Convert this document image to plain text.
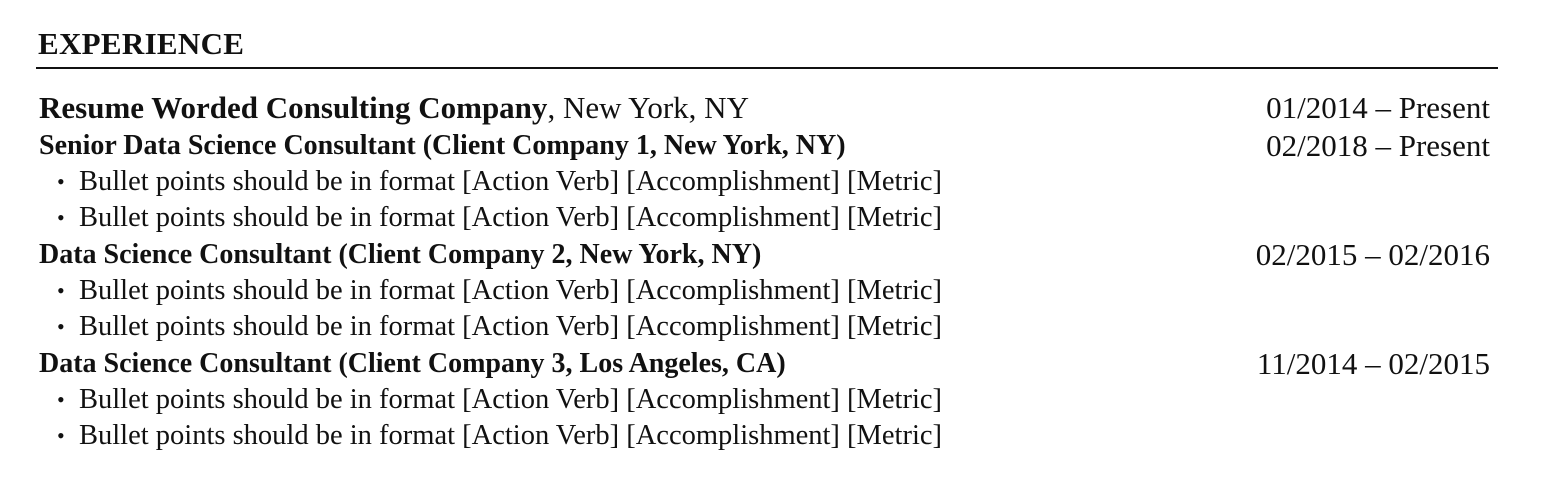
EXPERIENCE
Resume Worded Consulting Company, New York, NY	01/2014 – Present
Senior Data Science Consultant (Client Company 1, New York, NY)	02/2018 – Present
• Bullet points should be in format [Action Verb] [Accomplishment] [Metric]
• Bullet points should be in format [Action Verb] [Accomplishment] [Metric]
Data Science Consultant (Client Company 2, New York, NY)	02/2015 – 02/2016
• Bullet points should be in format [Action Verb] [Accomplishment] [Metric]
• Bullet points should be in format [Action Verb] [Accomplishment] [Metric]
Data Science Consultant (Client Company 3, Los Angeles, CA)	11/2014 – 02/2015
• Bullet points should be in format [Action Verb] [Accomplishment] [Metric]
• Bullet points should be in format [Action Verb] [Accomplishment] [Metric]
